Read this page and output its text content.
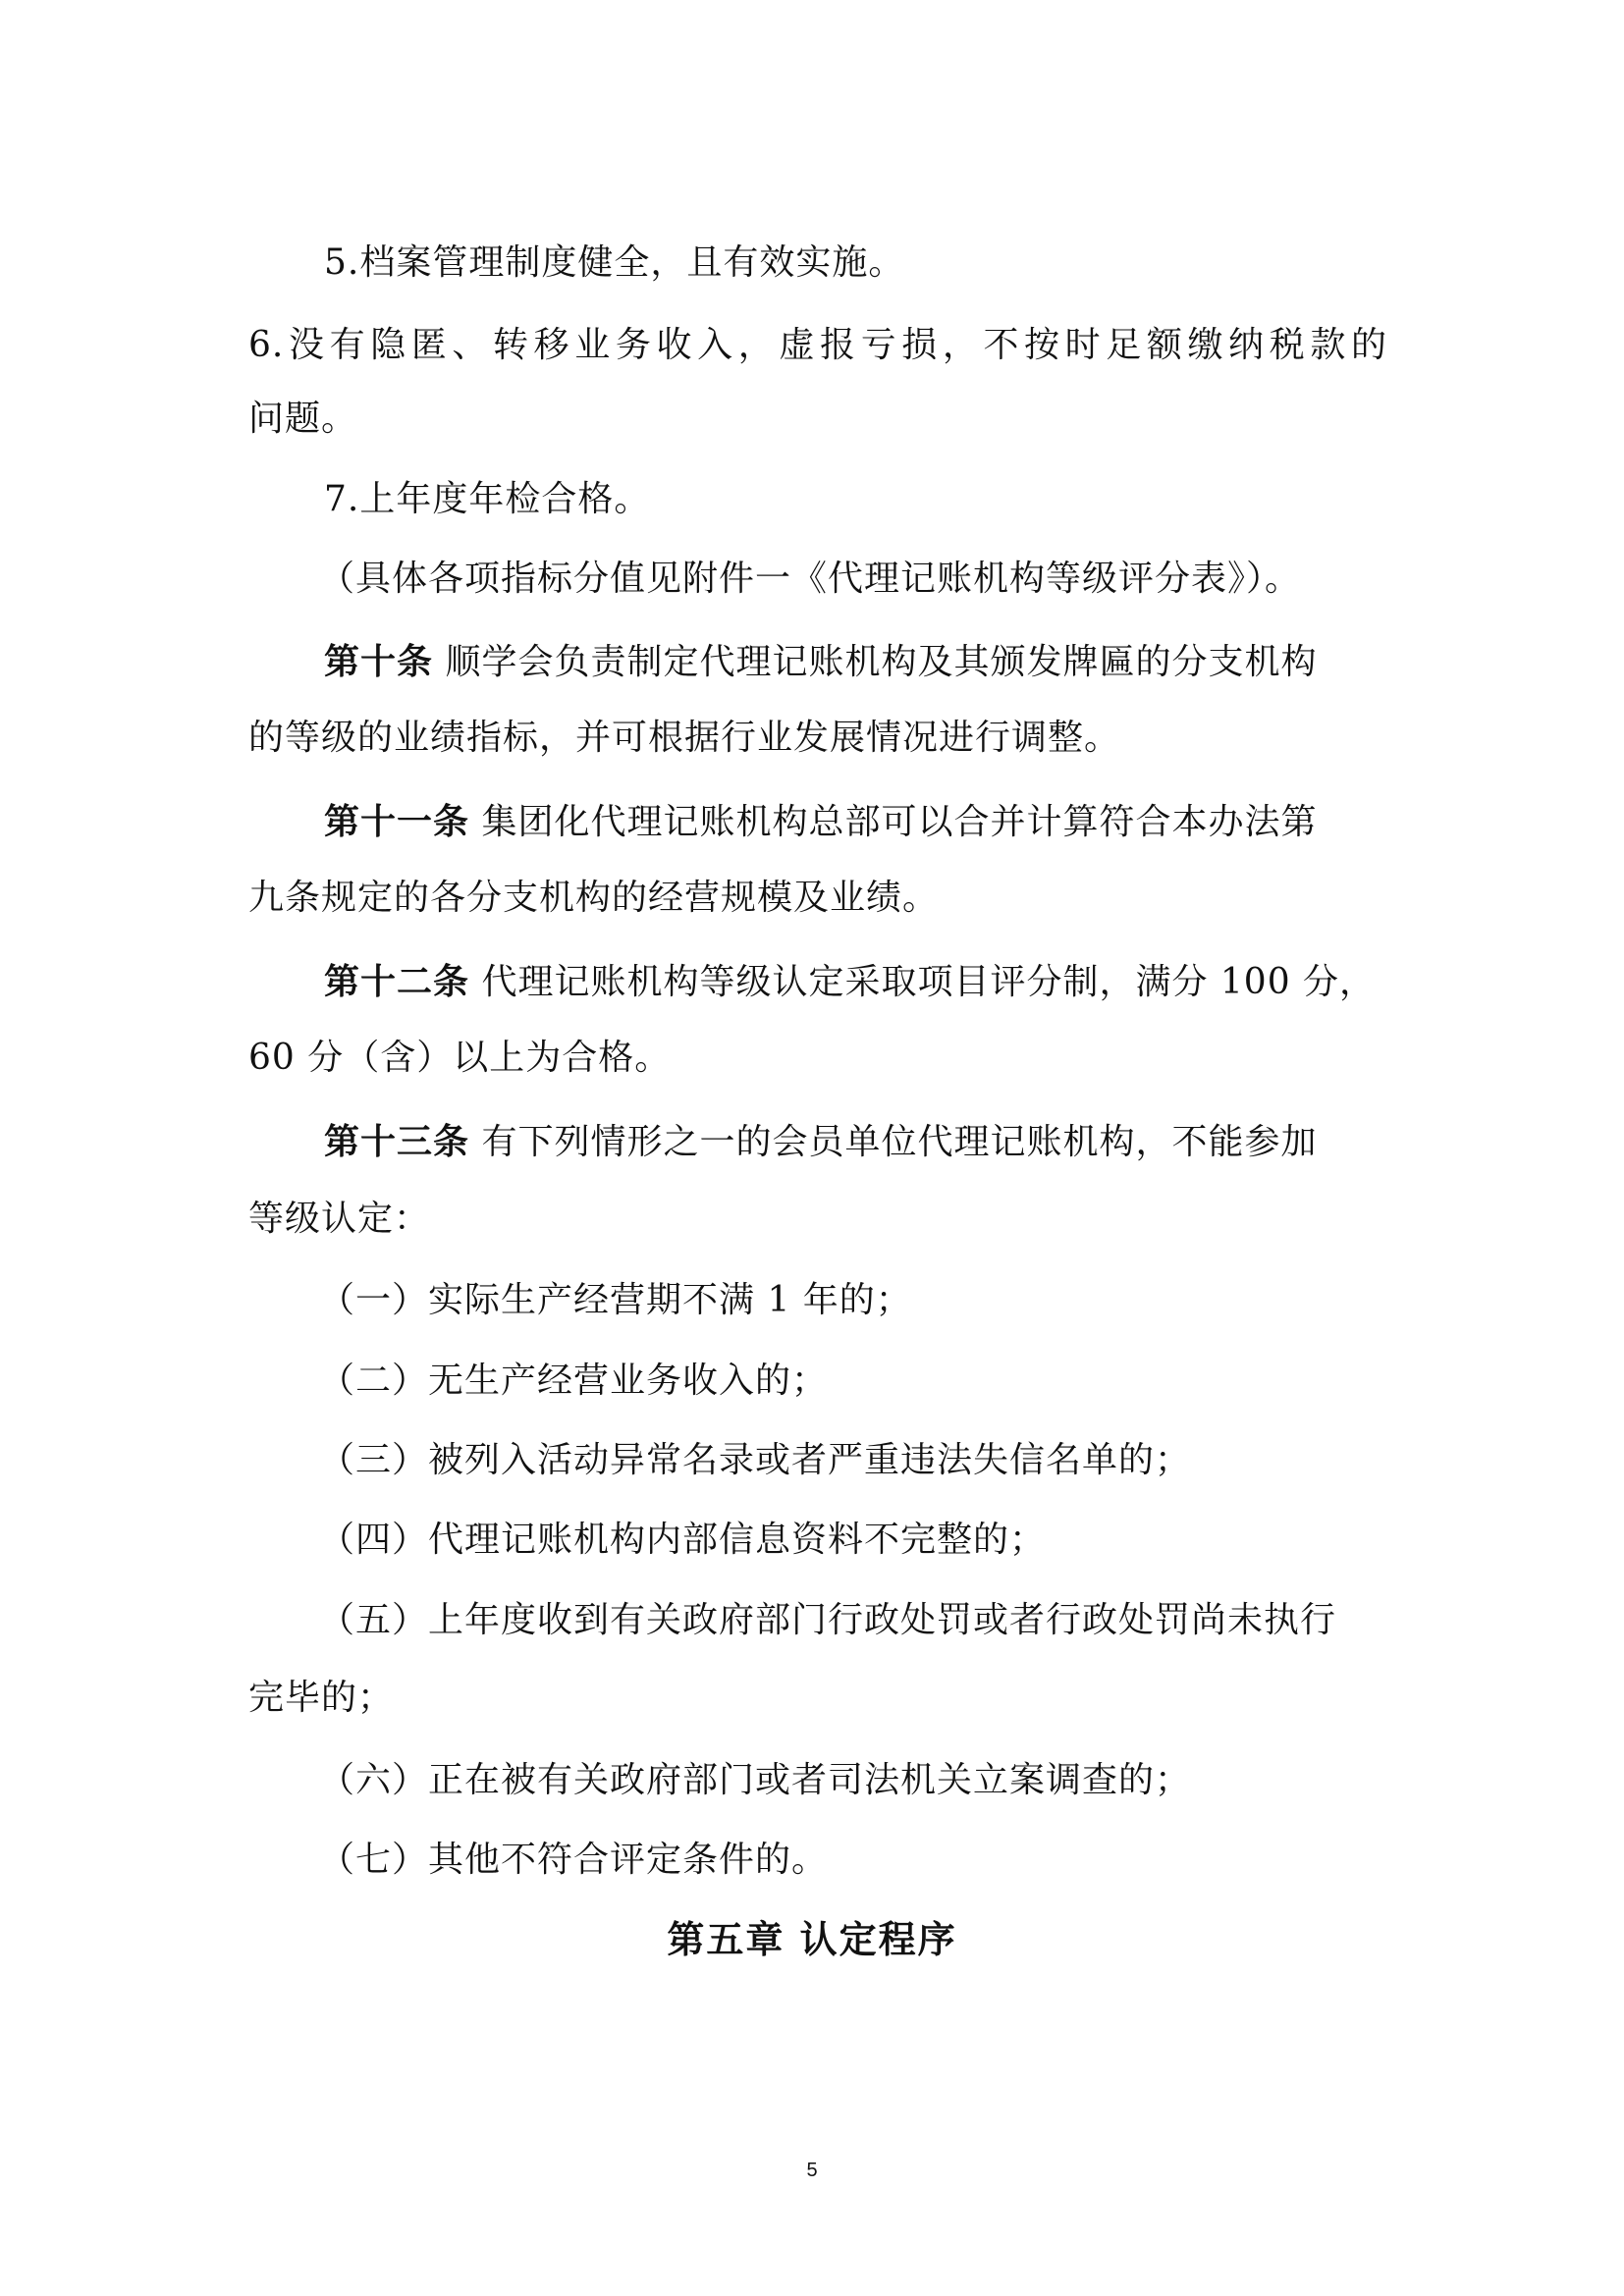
5.档案管理制度健全，且有效实施。
6.没有隐匿、转移业务收入，虚报亏损，不按时足额缴纳税款的
问题。
7.上年度年检合格。
（具体各项指标分值见附件一《代理记账机构等级评分表》）。
第十条 顺学会负责制定代理记账机构及其颁发牌匾的分支机构
的等级的业绩指标，并可根据行业发展情况进行调整。
第十一条 集团化代理记账机构总部可以合并计算符合本办法第
九条规定的各分支机构的经营规模及业绩。
第十二条 代理记账机构等级认定采取项目评分制，满分 100 分，
60 分（含）以上为合格。
第十三条 有下列情形之一的会员单位代理记账机构，不能参加
等级认定：
（一）实际生产经营期不满 1 年的；
（二）无生产经营业务收入的；
（三）被列入活动异常名录或者严重违法失信名单的；
（四）代理记账机构内部信息资料不完整的；
（五）上年度收到有关政府部门行政处罚或者行政处罚尚未执行
完毕的；
（六）正在被有关政府部门或者司法机关立案调查的；
（七）其他不符合评定条件的。
第五章 认定程序
5
